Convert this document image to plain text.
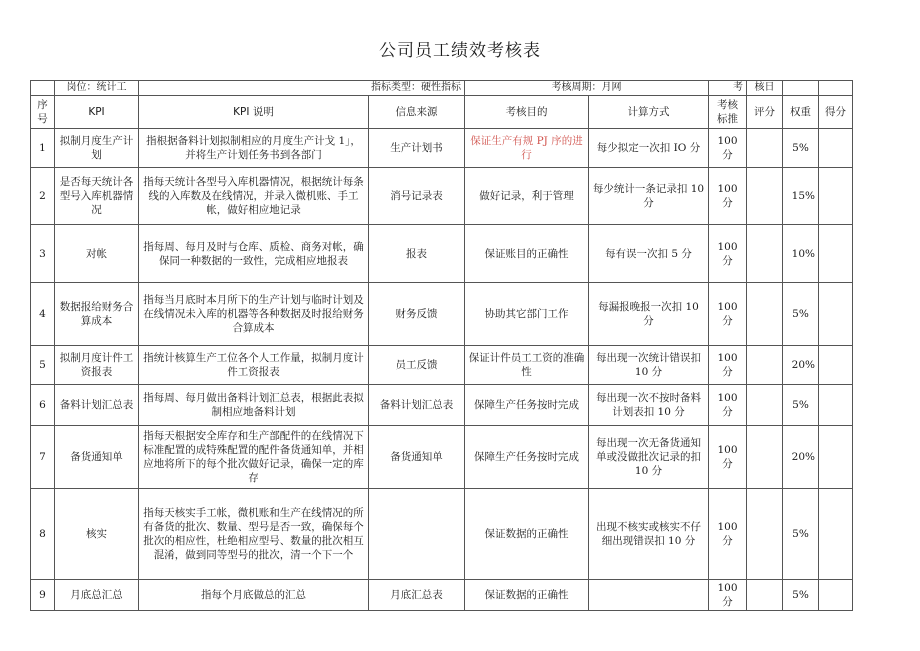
公司员工绩效考核表
	岗位：统计工	指标类型：硬性指标		考核周期：月网		考	核日		
序号	KPI	KPI 说明	信息来源	考核目的	计算方式	考核标推	评分	权重	得分
1	拟制月度生产计划	指根据备料计划拟制相应的月度生产计戈 1」，并将生产计划任务书到各部门	生产计划书	保证生产有规 PJ 序的进行	每少拟定一次扣 IO 分	100 分		5%	
2	是否每天统计各型号入库机器情况	指每天统计各型号入库机器情况，根据统计每条线的入库数及在线情况，并录入微机账、手工帐，做好相应地记录	消号记录表	做好记录，利于管理	每少统计一条记录扣 10 分	100 分		15%	
3	对帐	指每周、每月及时与仓库、质检、商务对帐，确保同一种数据的一致性，完成相应地报表	报表	保证账目的正确性	每有误一次扣 5 分	100 分		10%	
4	数据报给财务合算成本	指每当月底时本月所下的生产计划与临时计划及在线情况未入库的机器等各种数据及时报给财务合算成本	财务反馈	协助其它部门工作	每漏报晚报一次扣 10 分	100 分		5%	
5	拟制月度计件工资报表	指统计核算生产工位各个人工作量，拟制月度计件工资报表	员工反馈	保证计件员工工资的准确性	每出现一次统计错误扣 10 分	100 分		20%	
6	备料计划汇总表	指每周、每月做出备料计划汇总表，根据此表拟制相应地备料计划	备料计划汇总表	保障生产任务按时完成	每出现一次不按时备料计划表扣 10 分	100 分		5%	
7	备货通知单	指每天根据安全库存和生产部配件的在线情况下标准配置的成特殊配置的配件备货通知单，并相应地将所下的每个批次做好记录，确保一定的库存	备货通知单	保障生产任务按时完成	每出现一次无备货通知单或没做批次记录的扣 10 分	100 分		20%	
8	核实	指每天核实手工帐，微机账和生产在线情况的所有备货的批次、数量、型号是否一致，确保每个批次的相应性，杜绝相应型号、数量的批次相互混淆，做到同等型号的批次，清一个下一个		保证数据的正确性	出现不核实或核实不仔细出现错误扣 10 分	100 分		5%	
9	月底总汇总	指每个月底做总的汇总	月底汇总表	保证数据的正确性		100 分		5%	
